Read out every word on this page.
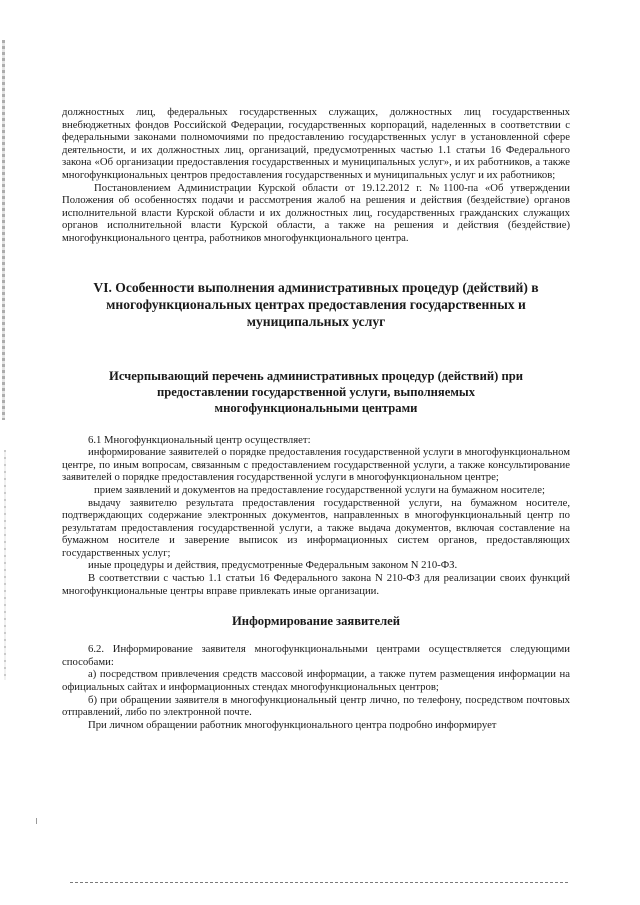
должностных лиц, федеральных государственных служащих, должностных лиц государственных внебюджетных фондов Российской Федерации, государственных корпораций, наделенных в соответствии с федеральными законами полномочиями по предоставлению государственных услуг в установленной сфере деятельности, и их должностных лиц, организаций, предусмотренных частью 1.1 статьи 16 Федерального закона «Об организации предоставления государственных и муниципальных услуг», и их работников, а также многофункциональных центров предоставления государственных и муниципальных услуг и их работников;

Постановлением Администрации Курской области от 19.12.2012 г. №1100-па «Об утверждении Положения об особенностях подачи и рассмотрения жалоб на решения и действия (бездействие) органов исполнительной власти Курской области и их должностных лиц, государственных гражданских служащих органов исполнительной власти Курской области, а также на решения и действия (бездействие) многофункционального центра, работников многофункционального центра.

VI. Особенности выполнения административных процедур (действий) в многофункциональных центрах предоставления государственных и муниципальных услуг
Исчерпывающий перечень административных процедур (действий) при предоставлении государственной услуги, выполняемых многофункциональными центрами

6.1 Многофункциональный центр осуществляет:

информирование заявителей о порядке предоставления государственной услуги в многофункциональном центре, по иным вопросам, связанным с предоставлением государственной услуги, а также консультирование заявителей о порядке предоставления государственной услуги в многофункциональном центре;

прием заявлений и документов на предоставление государственной услуги на бумажном носителе;

выдачу заявителю результата предоставления государственной услуги, на бумажном носителе, подтверждающих содержание электронных документов, направленных в многофункциональный центр по результатам предоставления государственной услуги, а также выдача документов, включая составление на бумажном носителе и заверение выписок из информационных систем органов, предоставляющих государственных услуг;

иные процедуры и действия, предусмотренные Федеральным законом N 210-ФЗ.

В соответствии с частью 1.1 статьи 16 Федерального закона N 210-ФЗ для реализации своих функций многофункциональные центры вправе привлекать иные организации.

Информирование заявителей

6.2. Информирование заявителя многофункциональными центрами осуществляется следующими способами:

а) посредством привлечения средств массовой информации, а также путем размещения информации на официальных сайтах и информационных стендах многофункциональных центров;

б) при обращении заявителя в многофункциональный центр лично, по телефону, посредством почтовых отправлений, либо по электронной почте.

При личном обращении работник многофункционального центра подробно информирует
